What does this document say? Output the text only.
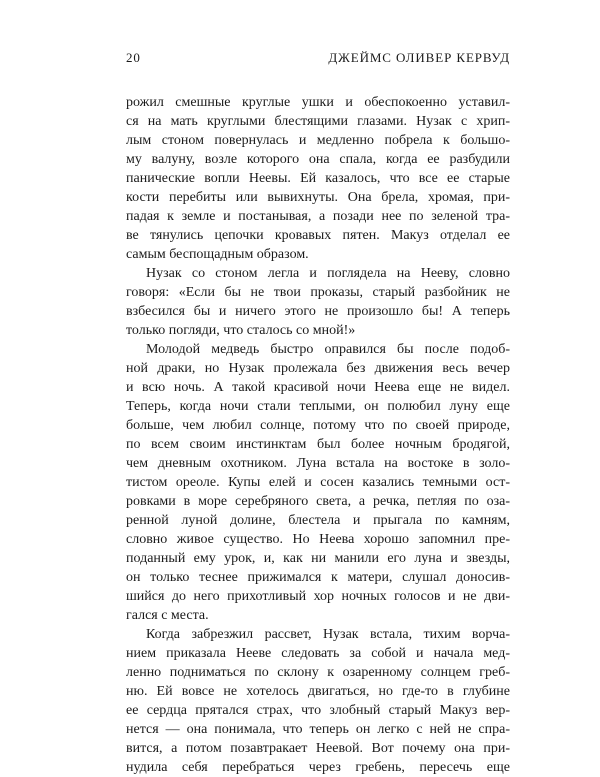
20	ДЖЕЙМС ОЛИВЕР КЕРВУД
рожил смешные круглые ушки и обеспокоенно уставил-
ся на мать круглыми блестящими глазами. Нузак с хрип-
лым стоном повернулась и медленно побрела к большо-
му валуну, возле которого она спала, когда ее разбудили
панические вопли Неевы. Ей казалось, что все ее старые
кости перебиты или вывихнуты. Она брела, хромая, при-
падая к земле и постанывая, а позади нее по зеленой тра-
ве тянулись цепочки кровавых пятен. Макуз отделал ее
самым беспощадным образом.
Нузак со стоном легла и поглядела на Нееву, словно
говоря: «Если бы не твои проказы, старый разбойник не
взбесился бы и ничего этого не произошло бы! А теперь
только погляди, что сталось со мной!»
Молодой медведь быстро оправился бы после подоб-
ной драки, но Нузак пролежала без движения весь вечер
и всю ночь. А такой красивой ночи Неева еще не видел.
Теперь, когда ночи стали теплыми, он полюбил луну еще
больше, чем любил солнце, потому что по своей природе,
по всем своим инстинктам был более ночным бродягой,
чем дневным охотником. Луна встала на востоке в золо-
тистом ореоле. Купы елей и сосен казались темными ост-
ровками в море серебряного света, а речка, петляя по оза-
ренной луной долине, блестела и прыгала по камням,
словно живое существо. Но Неева хорошо запомнил пре-
поданный ему урок, и, как ни манили его луна и звезды,
он только теснее прижимался к матери, слушал доносив-
шийся до него прихотливый хор ночных голосов и не дви-
гался с места.
Когда забрезжил рассвет, Нузак встала, тихим ворча-
нием приказала Нееве следовать за собой и начала мед-
ленно подниматься по склону к озаренному солнцем греб-
ню. Ей вовсе не хотелось двигаться, но где-то в глубине
ее сердца прятался страх, что злобный старый Макуз вер-
нется — она понимала, что теперь он легко с ней не спра-
вится, а потом позавтракает Неевой. Вот почему она при-
нудила себя перебраться через гребень, пересечь еще
